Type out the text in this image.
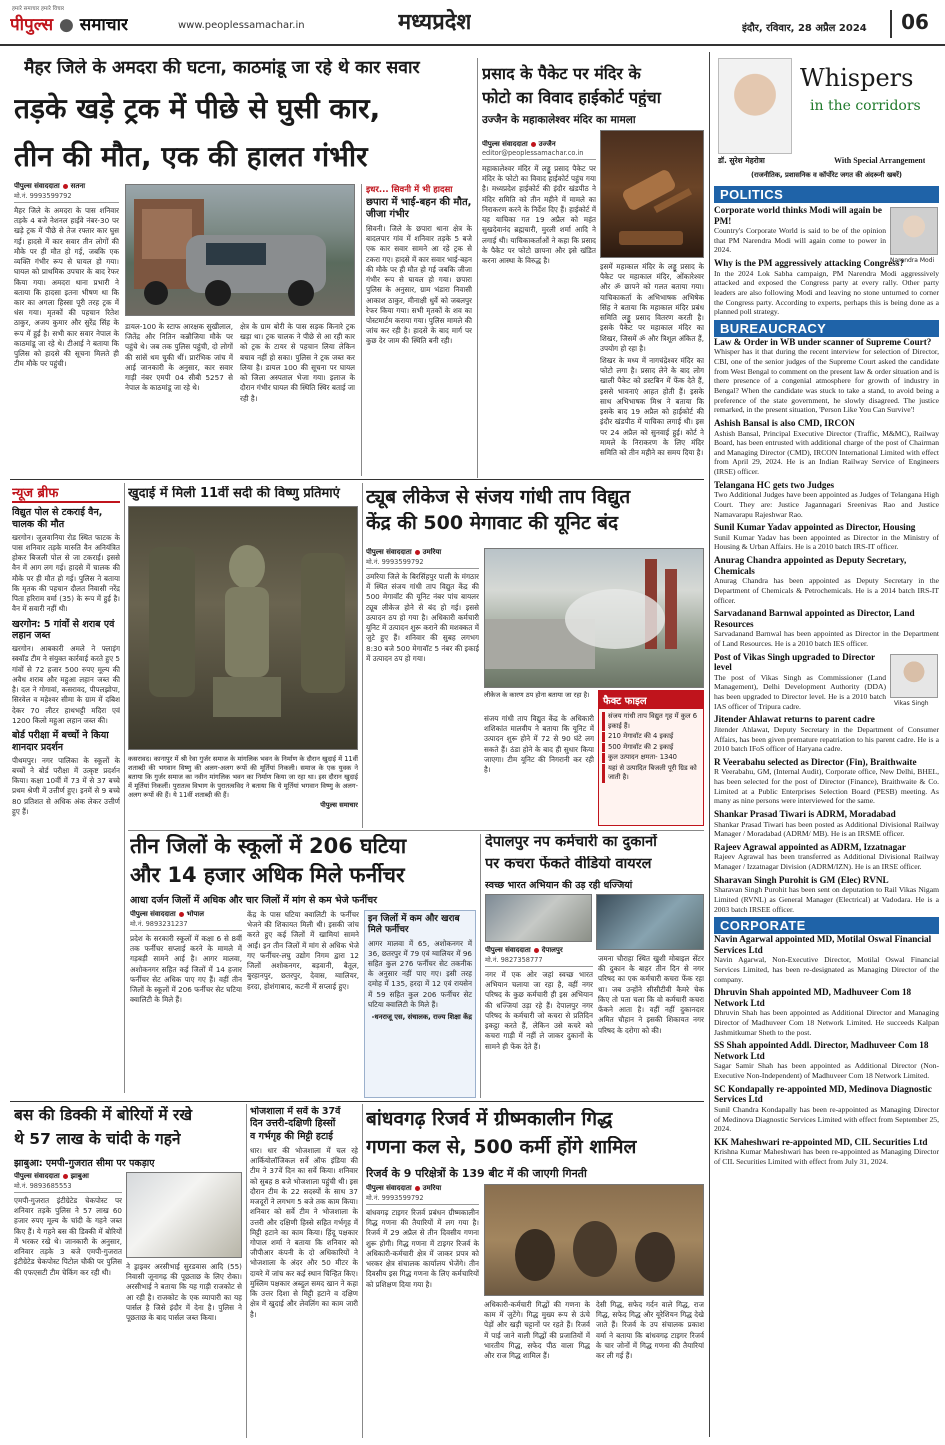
हमारे समाचार हमारे विचार
पीपुल्स ● समाचार	www.peoplessamachar.in	मध्यप्रदेश	इंदौर, रविवार, 28 अप्रैल 2024	06
मैहर जिले के अमदरा की घटना, काठमांडू जा रहे थे कार सवार
तड़के खड़े ट्रक में पीछे से घुसी कार,
तीन की मौत, एक की हालत गंभीर
पीपुल्स संवाददाता सतना
मो.नं. 9993599792
मैहर जिले के अमदरा के पास शनिवार तड़के 4 बजे नेशनल हाईवे नंबर-30 पर खड़े ट्रक में पीछे से तेज रफ्तार कार घुस गई। हादसे में कार सवार तीन लोगों की मौके पर ही मौत हो गई, जबकि एक व्यक्ति गंभीर रूप से घायल हो गया। घायल को प्राथमिक उपचार के बाद रेफर किया गया। अमदरा थाना प्रभारी ने बताया कि हादसा इतना भीषण था कि कार का अगला हिस्सा पूरी तरह ट्रक में धंस गया। मृतकों की पहचान रितेश ठाकुर, अजय कुमार और सुरेंद्र सिंह के रूप में हुई है। सभी कार सवार नेपाल के काठमांडू जा रहे थे। टीआई ने बताया कि पुलिस को हादसे की सूचना मिलते ही टीम मौके पर पहुंची।
डायल-100 के स्टाफ आरक्षक सुखीलाल, जितेंद्र और नितिन कन्नौजिया मौके पर पहुंचे थे। जब तक पुलिस पहुंची, दो लोगों की सांसें थम चुकी थीं। प्रारंभिक जांच में आई जानकारी के अनुसार, कार सवार गाड़ी नंबर एमपी 04 सीबी 5257 से नेपाल के काठमांडू जा रहे थे।
क्षेत्र के ग्राम बोरी के पास सड़क किनारे ट्रक खड़ा था। ट्रक चालक ने पीछे से आ रही कार को ट्रक के टायर से पहचान लिया लेकिन बचाव नहीं हो सका। पुलिस ने ट्रक जब्त कर लिया है। डायल 100 की सूचना पर घायल को जिला अस्पताल भेजा गया। इलाज के दौरान गंभीर घायल की स्थिति स्थिर बताई जा रही है।
इधर... सिवनी में भी हादसा
छपारा में भाई-बहन की मौत, जीजा गंभीर
सिवनी। जिले के छपारा थाना क्षेत्र के बादलपार गांव में शनिवार तड़के 5 बजे एक कार सवार सामने आ रहे ट्रक से टकरा गए। हादसे में कार सवार भाई-बहन की मौके पर ही मौत हो गई जबकि जीजा गंभीर रूप से घायल हो गया। छपारा पुलिस के अनुसार, ग्राम भंडारा निवासी आकाश ठाकुर, मीनाक्षी धुर्वे को जबलपुर रेफर किया गया। सभी मृतकों के शव का पोस्टमार्टम कराया गया। पुलिस मामले की जांच कर रही है। हादसे के बाद मार्ग पर कुछ देर जाम की स्थिति बनी रही।
प्रसाद के पैकेट पर मंदिर के
फोटो का विवाद हाईकोर्ट पहुंचा
उज्जैन के महाकालेश्वर मंदिर का मामला
पीपुल्स संवाददाता उज्जैन
editor@peoplessamachar.co.in
महाकालेश्वर मंदिर में लड्डू प्रसाद पैकेट पर मंदिर के फोटो का विवाद हाईकोर्ट पहुंच गया है। मध्यप्रदेश हाईकोर्ट की इंदौर खंडपीठ ने मंदिर समिति को तीन महीने में मामले का निराकरण करने के निर्देश दिए हैं। हाईकोर्ट में यह याचिका गत 19 अप्रैल को महंत सुखदेवानंद ब्रह्मचारी, मुरली शर्मा आदि ने लगाई थी। याचिकाकर्ताओं ने कहा कि प्रसाद के पैकेट पर फोटो छापना और इसे खंडित करना आस्था के विरुद्ध है।
इसमें महाकाल मंदिर के लड्डू प्रसाद के पैकेट पर महाकाल मंदिर, ओंकारेश्वर और ॐ छापने को गलत बताया गया। याचिकाकर्ता के अभिभाषक अभिषेक सिंह ने बताया कि महाकाल मंदिर प्रबंध समिति लड्डू प्रसाद वितरण करती है। इसके पैकेट पर महाकाल मंदिर का शिखर, जिसमें ॐ और त्रिशूल अंकित हैं, उपयोग हो रहा है।
शिखर के मध्य में नागचंद्रेश्वर मंदिर का फोटो लगा है। प्रसाद लेने के बाद लोग खाली पैकेट को डस्टबिन में फेंक देते हैं, इससे भावनाएं आहत होती हैं। इसके साथ अभिभाषक मिश्र ने बताया कि इसके बाद 19 अप्रैल को हाईकोर्ट की इंदौर खंडपीठ में याचिका लगाई थी। इस पर 24 अप्रैल को सुनवाई हुई। कोर्ट ने मामले के निराकरण के लिए मंदिर समिति को तीन महीने का समय दिया है।
Whispers
in the corridors
डॉ. सुरेश मेहरोत्रा	With Special Arrangement
(राजनीतिक, प्रशासनिक व कॉर्पोरेट जगत की अंदरूनी खबरें)
POLITICS
Narendra Modi
Corporate world thinks Modi will again be PM!
Country's Corporate World is said to be of the opinion that PM Narendra Modi will again come to power in 2024.
Why is the PM aggressively attacking Congress?
In the 2024 Lok Sabha campaign, PM Narendra Modi aggressively attacked and exposed the Congress party at every rally. Other party leaders are also following Modi and leaving no stone unturned to corner the Congress party. According to experts, perhaps this is being done as a planned poll strategy.
BUREAUCRACY
Law & Order in WB under scanner of Supreme Court?
Whisper has it that during the recent interview for selection of Director, CBI, one of the senior judges of the Supreme Court asked the candidate from West Bengal to comment on the present law & order situation and is there presence of a congenial atmosphere for growth of industry in Bengal? When the candidate was stuck to take a stand, to avoid being a preference of the state government, he slowly disagreed. The justice remarked, in the present situation, 'Person Like You Can Survive'!
Ashish Bansal is also CMD, IRCON
Ashish Bansal, Principal Executive Director (Traffic, M&MC), Railway Board, has been entrusted with additional charge of the post of Chairman and Managing Director (CMD), IRCON International Limited with effect from April 29, 2024. He is an Indian Railway Service of Engineers (IRSE) officer.
Telangana HC gets two Judges
Two Additional Judges have been appointed as Judges of Telangana High Court. They are: Justice Jagannagari Sreenivas Rao and Justice Namavarapu Rajeshwar Rao.
Sunil Kumar Yadav appointed as Director, Housing
Sunil Kumar Yadav has been appointed as Director in the Ministry of Housing & Urban Affairs. He is a 2010 batch IRS-IT officer.
Anurag Chandra appointed as Deputy Secretary, Chemicals
Anurag Chandra has been appointed as Deputy Secretary in the Department of Chemicals & Petrochemicals. He is a 2014 batch IRS-IT officer.
Sarvadanand Barnwal appointed as Director, Land Resources
Sarvadanand Barnwal has been appointed as Director in the Department of Land Resources. He is a 2010 batch IES officer.
Vikas Singh
Post of Vikas Singh upgraded to Director level
The post of Vikas Singh as Commissioner (Land Management), Delhi Development Authority (DDA) has been upgraded to Director level. He is a 2010 batch IAS officer of Tripura cadre.
Jitender Ahlawat returns to parent cadre
Jitender Ahlawat, Deputy Secretary in the Department of Consumer Affairs, has been given premature repatriation to his parent cadre. He is a 2010 batch IFoS officer of Haryana cadre.
R Veerabahu selected as Director (Fin), Braithwaite
R Veerabahu, GM, (Internal Audit), Corporate office, New Delhi, BHEL, has been selected for the post of Director (Finance), Braithwaite & Co. Limited at a Public Enterprises Selection Board (PESB) meeting. As many as nine persons were interviewed for the same.
Shankar Prasad Tiwari is ADRM, Moradabad
Shankar Prasad Tiwari has been posted as Additional Divisional Railway Manager / Moradabad (ADRM/ MB). He is an IRSME officer.
Rajeev Agrawal appointed as ADRM, Izzatnagar
Rajeev Agrawal has been transferred as Additional Divisional Railway Manager / Izzatnagar Division (ADRM/IZN). He is an IRSE officer.
Sharavan Singh Purohit is GM (Elec) RVNL
Sharavan Singh Purohit has been sent on deputation to Rail Vikas Nigam Limited (RVNL) as General Manager (Electrical) at Vadodara. He is a 2003 batch IRSEE officer.
CORPORATE
Navin Agarwal appointed MD, Motilal Oswal Financial Services Ltd
Navin Agarwal, Non-Executive Director, Motilal Oswal Financial Services Limited, has been re-designated as Managing Director of the company.
Dhruvin Shah appointed MD, Madhuveer Com 18 Network Ltd
Dhruvin Shah has been appointed as Additional Director and Managing Director of Madhuveer Com 18 Network Limited. He succeeds Kalpan Jashmitkumar Sheth to the post.
SS Shah appointed Addl. Director, Madhuveer Com 18 Network Ltd
Sagar Samir Shah has been appointed as Additional Director (Non-Executive Non-Independent) of Madhuveer Com 18 Network Limited.
SC Kondapally re-appointed MD, Medinova Diagnostic Services Ltd
Sunil Chandra Kondapally has been re-appointed as Managing Director of Medinova Diagnostic Services Limited with effect from September 25, 2024.
KK Maheshwari re-appointed MD, CIL Securities Ltd
Krishna Kumar Maheshwari has been re-appointed as Managing Director of CIL Securities Limited with effect from July 31, 2024.
न्यूज ब्रीफ
विद्युत पोल से टकराई वैन, चालक की मौत
खरगोन। जुलवानिया रोड स्थित फाटक के पास शनिवार तड़के मारुति वैन अनियंत्रित होकर बिजली पोल से जा टकराई। इससे वैन में आग लग गई। हादसे में चालक की मौके पर ही मौत हो गई। पुलिस ने बताया कि मृतक की पहचान दौलत निवासी नरेंद्र पिता हरिराम वर्मा (35) के रूप में हुई है। वैन में सवारी नहीं थी।
खरगोन: 5 गांवों से शराब एवं लहान जब्त
खरगोन। आबकारी अमले ने फ्लाइंग स्क्वॉड टीम ने संयुक्त कार्रवाई करते हुए 5 गांवों से 72 हजार 500 रुपए मूल्य की अवैध शराब और महुआ लहान जब्त की है। दल ने गोगावां, कसरावद, पीपलझोपा, सिरवेल व महेश्वर सीमा के ग्राम में दबिश देकर 70 लीटर हाथभट्टी मदिरा एवं 1200 किलो महुआ लहान जब्त की।
बोर्ड परीक्षा में बच्चों ने किया शानदार प्रदर्शन
पीथमपुर। नगर पालिका के स्कूलों के बच्चों ने बोर्ड परीक्षा में उत्कृष्ट प्रदर्शन किया। कक्षा 10वीं में 73 में से 37 बच्चे प्रथम श्रेणी में उत्तीर्ण हुए। इनमें से 9 बच्चे 80 प्रतिशत से अधिक अंक लेकर उत्तीर्ण हुए हैं।
खुदाई में मिली 11वीं सदी की विष्णु प्रतिमाएं
कसरावद। कानापुर में श्री रेवा गुर्जर समाज के मांगलिक भवन के निर्माण के दौरान खुदाई में 11वीं शताब्दी की भगवान विष्णु की अलग-अलग रूपों की मूर्तियां निकली। समाज के एक युवक ने बताया कि गुर्जर समाज का नवीन मांगलिक भवन का निर्माण किया जा रहा था। इस दौरान खुदाई में मूर्तियां निकलीं। पुरातत्व विभाग के पुरातत्वविद ने बताया कि ये मूर्तियां भगवान विष्णु के अलग-अलग रूपों की हैं। ये 11वीं शताब्दी की हैं।
पीपुल्स समाचार
ट्यूब लीकेज से संजय गांधी ताप विद्युत
केंद्र की 500 मेगावाट की यूनिट बंद
पीपुल्स संवाददाता उमरिया
मो.नं. 9993599792
उमरिया जिले के बिरसिंहपुर पाली के मंगठार में स्थित संजय गांधी ताप विद्युत केंद्र की 500 मेगावॉट की यूनिट नंबर पांच बायलर ट्यूब लीकेज होने से बंद हो गई। इससे उत्पादन ठप हो गया है। अधिकारी कर्मचारी यूनिट में उत्पादन शुरू कराने की मशक्कत में जुटे हुए हैं। शनिवार की सुबह लगभग 8:30 बजे 500 मेगावॉट 5 नंबर की इकाई में उत्पादन ठप हो गया।
लीकेज के कारण ठप होना बताया जा रहा है।
संजय गांधी ताप विद्युत केंद्र के अधिकारी शशिकांत मालवीय ने बताया कि यूनिट में उत्पादन शुरू होने में 72 से 90 घंटे लग सकते हैं। ठंडा होने के बाद ही सुधार किया जाएगा। टीम यूनिट की निगरानी कर रही है।
फैक्ट फाइल
संजय गांधी ताप विद्युत गृह में कुल 6 इकाई हैं।
210 मेगावॉट की 4 इकाई
500 मेगावॉट की 2 इकाई
कुल उत्पादन क्षमता- 1340
यहां से उत्पादित बिजली पूरी ग्रिड को जाती है।
तीन जिलों के स्कूलों में 206 घटिया
और 14 हजार अधिक मिले फर्नीचर
आधा दर्जन जिलों में अधिक और चार जिलों में मांग से कम भेजे फर्नीचर
पीपुल्स संवाददाता भोपाल
मो.नं. 9893231237
प्रदेश के सरकारी स्कूलों में कक्षा 6 से 8वीं तक फर्नीचर सप्लाई करने के मामले में गड़बड़ी सामने आई है। आगर मालवा, अशोकनगर सहित कई जिलों में 14 हजार फर्नीचर सेट अधिक पाए गए हैं। वहीं तीन जिलों के स्कूलों में 206 फर्नीचर सेट घटिया क्वालिटी के मिले हैं।
केंद्र के पास घटिया क्वालिटी के फर्नीचर भेजने की शिकायत मिली थी। इसकी जांच करते हुए कई जिलों में खामियां सामने आईं। इन तीन जिलों में मांग से अधिक भेजे गए फर्नीचर-लघु उद्योग निगम द्वारा 12 जिलों अशोकनगर, बड़वानी, बैतूल, बुरहानपुर, छतरपुर, देवास, ग्वालियर, हरदा, होशंगाबाद, कटनी में सप्लाई हुए।
इन जिलों में कम और खराब मिले फर्नीचर
आगर मालवा में 65, अशोकनगर में 36, छतरपुर में 79 एवं ग्वालियर में 96 सहित कुल 276 फर्नीचर सेट तकनीक के अनुसार नहीं पाए गए। इसी तरह दमोह में 135, हरदा में 12 एवं रायसेन में 59 सहित कुल 206 फर्नीचर सेट घटिया क्वालिटी के मिले हैं।
-धनराजू एस, संचालक, राज्य शिक्षा केंद्र
देपालपुर नप कर्मचारी का दुकानों
पर कचरा फेंकते वीडियो वायरल
स्वच्छ भारत अभियान की उड़ रही धज्जियां
पीपुल्स संवाददाता देपालपुर
मो.नं. 9827358777
नगर में एक ओर जहां स्वच्छ भारत अभियान चलाया जा रहा है, वहीं नगर परिषद के कुछ कर्मचारी ही इस अभियान की धज्जियां उड़ा रहे हैं। देपालपुर नगर परिषद के कर्मचारी जो कचरा से प्रतिदिन इकट्ठा करते हैं, लेकिन उसे कचरे को कचरा गाड़ी में नहीं ले जाकर दुकानों के सामने ही फेंक देते हैं।
जमना चौराहा स्थित खुशी मोबाइल सेंटर की दुकान के बाहर तीन दिन से नगर परिषद का एक कर्मचारी कचरा फेंक रहा था। जब उन्होंने सीसीटीवी कैमरे चेक किए तो पता चला कि वो कर्मचारी कचरा फेंकने आता है। वहीं नहीं दुकानदार अमित चौहान ने इसकी शिकायत नगर परिषद के दरोगा को की।
बस की डिक्की में बोरियों में रखे
थे 57 लाख के चांदी के गहने
झाबुआ: एमपी-गुजरात सीमा पर पकड़ाए
पीपुल्स संवाददाता झाबुआ
मो.नं. 9893685553
एमपी-गुजरात इंटीग्रेटेड चेकपोस्ट पर शनिवार तड़के पुलिस ने 57 लाख 60 हजार रुपए मूल्य के चांदी के गहने जब्त किए हैं। ये गहने बस की डिक्की में बोरियों में भरकर रखे थे। जानकारी के अनुसार, शनिवार तड़के 3 बजे एमपी-गुजरात इंटीग्रेटेड चेकपोस्ट पिटोल चौकी पर पुलिस की एफएसटी टीम चेकिंग कर रही थी।
ने ड्राइवर अरसीभाई सुरडवास आदि (55) निवासी जूनागढ़ की पूछताछ के लिए रोका। अरसीभाई ने बताया कि यह गाड़ी राजकोट से आ रही है। राजकोट के एक व्यापारी का यह पार्सल है जिसे इंदौर में देना है। पुलिस ने पूछताछ के बाद पार्सल जब्त किया।
भोजशाला में सर्वे के 37वें
दिन उत्तरी-दक्षिणी हिस्सों
व गर्भगृह की मिट्टी हटाई
धार। धार की भोजशाला में चल रहे आर्कियोलॉजिकल सर्वे ऑफ इंडिया की टीम ने 37वें दिन का सर्वे किया। शनिवार को सुबह 8 बजे भोजशाला पहुंची थी। इस दौरान टीम के 22 सदस्यों के साथ 37 मजदूरों ने लगभग 5 बजे तक काम किया। शनिवार को सर्वे टीम ने भोजशाला के उत्तरी और दक्षिणी हिस्से सहित गर्भगृह में मिट्टी हटाने का काम किया। हिंदू पक्षकार गोपाल शर्मा ने बताया कि शनिवार को जीपीआर कंपनी के दो अधिकारियों ने भोजशाला के अंदर और 50 मीटर के दायरे में जांच कर कई स्थान चिन्हित किए। मुस्लिम पक्षकार अब्दुल समद खान ने कहा कि उत्तर दिशा से मिट्टी हटाने व दक्षिण क्षेत्र में खुदाई और लेवलिंग का काम जारी है।
बांधवगढ़ रिजर्व में ग्रीष्मकालीन गिद्ध
गणना कल से, 500 कर्मी होंगे शामिल
रिजर्व के 9 परिक्षेत्रों के 139 बीट में की जाएगी गिनती
पीपुल्स संवाददाता उमरिया
मो.नं. 9993599792
बांधवगढ़ टाइगर रिजर्व प्रबंधन ग्रीष्मकालीन गिद्ध गणना की तैयारियों में लग गया है। रिजर्व में 29 अप्रैल से तीन दिवसीय गणना शुरू होगी। गिद्ध गणना में टाइगर रिजर्व के अधिकारी-कर्मचारी क्षेत्र में जाकर प्रपत्र को भरकर क्षेत्र संचालक कार्यालय भेजेंगे। तीन दिवसीय इस गिद्ध गणना के लिए कर्मचारियों को प्रशिक्षण दिया गया है।
अधिकारी-कर्मचारी गिद्धों की गणना के काम में जुटेंगे। गिद्ध मुख्य रूप से ऊंचे पेड़ों और खड़ी चट्टानों पर रहते हैं। रिजर्व में पाई जाने वाली गिद्धों की प्रजातियों में भारतीय गिद्ध, सफेद पीठ वाला गिद्ध और राज गिद्ध शामिल हैं।
देसी गिद्ध, सफेद गर्दन वाले गिद्ध, राज गिद्ध, सफेद गिद्ध और यूरेशियन गिद्ध देखे जाते हैं। रिजर्व के उप संचालक प्रकाश वर्मा ने बताया कि बांधवगढ़ टाइगर रिजर्व के चार जोनों में गिद्ध गणना की तैयारियां कर ली गई हैं।
